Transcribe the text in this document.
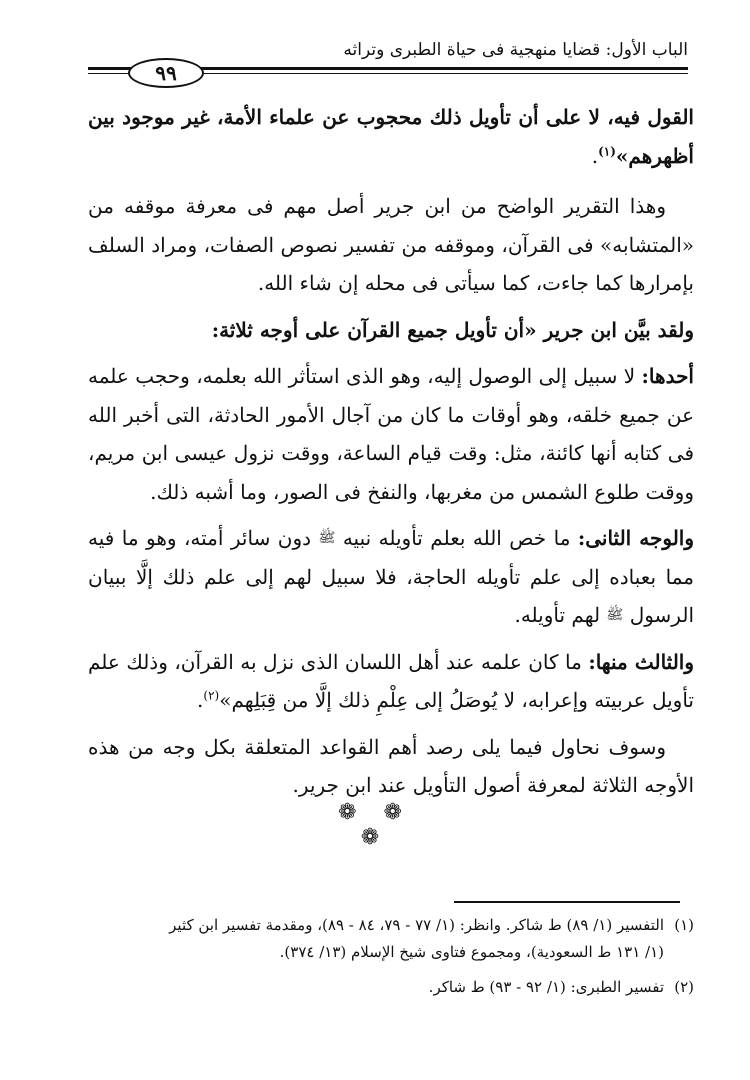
الباب الأول: قضايا منهجية فى حياة الطبرى وتراثه
٩٩

القول فيه، لا على أن تأويل ذلك محجوب عن علماء الأمة، غير موجود بين أظهرهم»$^{(١)}$.

وهذا التقرير الواضح من ابن جرير أصل مهم فى معرفة موقفه من «المتشابه» فى القرآن، وموقفه من تفسير نصوص الصفات، ومراد السلف بإمرارها كما جاءت، كما سيأتى فى محله إن شاء الله.

ولقد بيَّن ابن جرير «أن تأويل جميع القرآن على أوجه ثلاثة:

أحدها: لا سبيل إلى الوصول إليه، وهو الذى استأثر الله بعلمه، وحجب علمه عن جميع خلقه، وهو أوقات ما كان من آجال الأمور الحادثة، التى أخبر الله فى كتابه أنها كائنة، مثل: وقت قيام الساعة، ووقت نزول عيسى ابن مريم، ووقت طلوع الشمس من مغربها، والنفخ فى الصور، وما أشبه ذلك.

والوجه الثانى: ما خص الله بعلم تأويله نبيه ﷺ دون سائر أمته، وهو ما فيه مما بعباده إلى علم تأويله الحاجة، فلا سبيل لهم إلى علم ذلك إلَّا ببيان الرسول ﷺ لهم تأويله.

والثالث منها: ما كان علمه عند أهل اللسان الذى نزل به القرآن، وذلك علم تأويل عربيته وإعرابه، لا يُوصَلُ إلى عِلْمِ ذلك إلَّا من قِبَلِهم»$^{(٢)}$.

وسوف نحاول فيما يلى رصد أهم القواعد المتعلقة بكل وجه من هذه الأوجه الثلاثة لمعرفة أصول التأويل عند ابن جرير.

❁ ❁ ❁

(١)التفسير (١/ ٨٩) ط شاكر. وانظر: (١/ ٧٧ - ٧٩، ٨٤ - ٨٩)، ومقدمة تفسير ابن كثير
(١/ ١٣١ ط السعودية)، ومجموع فتاوى شيخ الإسلام (١٣/ ٣٧٤).

(٢)تفسير الطبرى: (١/ ٩٢ - ٩٣) ط شاكر.
